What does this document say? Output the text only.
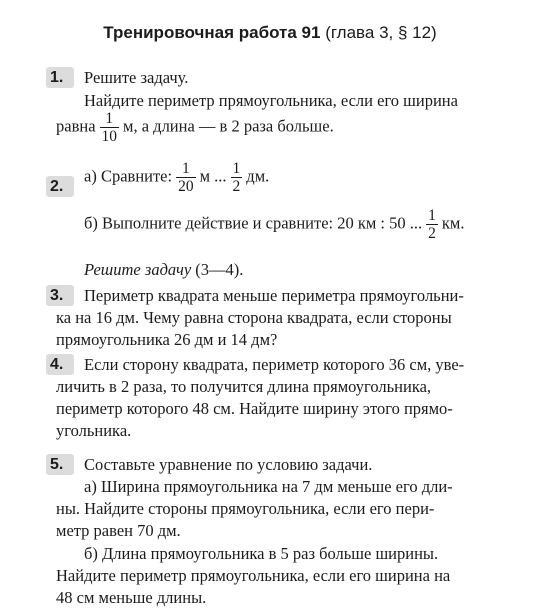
Тренировочная работа 91 (глава 3, § 12)
1.	Решите задачу.
Найдите периметр прямоугольника, если его ширина
равна $\frac{1}{10} м$, а длина — в 2 раза больше.
2.
а) Сравните: $\frac{1}{20}$ м ... $\frac{1}{2}$ дм.
б) Выполните действие и сравните: 20 км : 50 ... $\frac{1}{2}$ км.
Решите задачу (3—4).
3.	Периметр квадрата меньше периметра прямоугольни-
ка на 16 дм. Чему равна сторона квадрата, если стороны
прямоугольника 26 дм и 14 дм?
4.	Если сторону квадрата, периметр которого 36 см, уве-
личить в 2 раза, то получится длина прямоугольника,
периметр которого 48 см. Найдите ширину этого прямо-
угольника.
5.	Составьте уравнение по условию задачи.
а) Ширина прямоугольника на 7 дм меньше его дли-
ны. Найдите стороны прямоугольника, если его пери-
метр равен 70 дм.
б) Длина прямоугольника в 5 раз больше ширины.
Найдите периметр прямоугольника, если его ширина на
48 см меньше длины.
